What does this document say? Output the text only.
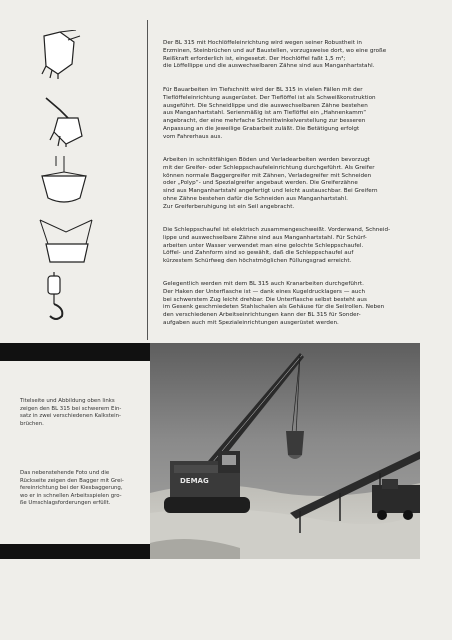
Der BL 315 mit Hochlöffeleinrichtung wird wegen seiner Robustheit in
Erzminen, Steinbrüchen und auf Baustellen, vorzugsweise dort, wo eine große
Reißkraft erforderlich ist, eingesetzt. Der Hochlöffel faßt 1,5 m³;
die Löffellippe und die auswechselbaren Zähne sind aus Manganhartstahl.
Für Bauarbeiten im Tiefschnitt wird der BL 315 in vielen Fällen mit der
Tieflöffeleinrichtung ausgerüstet. Der Tieflöffel ist als Schweißkonstruktion
ausgeführt. Die Schneidlippe und die auswechselbaren Zähne bestehen
aus Manganhartstahl. Serienmäßig ist am Tieflöffel ein „Hahnenkamm“
angebracht, der eine mehrfache Schnittwinkelverstellung zur besseren
Anpassung an die jeweilige Grabarbeit zuläßt. Die Betätigung erfolgt
vom Fahrerhaus aus.
Arbeiten in schnittfähigen Böden und Verladearbeiten werden bevorzugt
mit der Greifer- oder Schleppschaufeleinrichtung durchgeführt. Als Greifer
können normale Baggergreifer mit Zähnen, Verladegreifer mit Schneiden
oder „Polyp“- und Spezialgreifer angebaut werden. Die Greiferzähne
sind aus Manganhartstahl angefertigt und leicht austauschbar. Bei Greifern
ohne Zähne bestehen dafür die Schneiden aus Manganhartstahl.
Zur Greiferberuhigung ist ein Seil angebracht.
Die Schleppschaufel ist elektrisch zusammengeschweißt. Vorderwand, Schneid-
lippe und auswechselbare Zähne sind aus Manganhartstahl. Für Schürf-
arbeiten unter Wasser verwendet man eine gelochte Schleppschaufel.
Löffel- und Zahnform sind so gewählt, daß die Schleppschaufel auf
kürzestem Schürfweg den höchstmöglichen Füllungsgrad erreicht.
Gelegentlich werden mit dem BL 315 auch Kranarbeiten durchgeführt.
Der Haken der Unterflasche ist — dank eines Kugeldrucklagers — auch
bei schwerstem Zug leicht drehbar. Die Unterflasche selbst besteht aus
im Gesenk geschmiedeten Stahlschalen als Gehäuse für die Seilrollen. Neben
den verschiedenen Arbeitseinrichtungen kann der BL 315 für Sonder-
aufgaben auch mit Spezialeinrichtungen ausgerüstet werden.
DEMAG
Titelseite und Abbildung oben links
zeigen den BL 315 bei schwerem Ein-
satz in zwei verschiedenen Kalkstein-
brüchen.
Das nebenstehende Foto und die
Rückseite zeigen den Bagger mit Grei-
fereinrichtung bei der Kiesbaggerung,
wo er in schnellen Arbeitsspielen gro-
ße Umschlagsforderungen erfüllt.
